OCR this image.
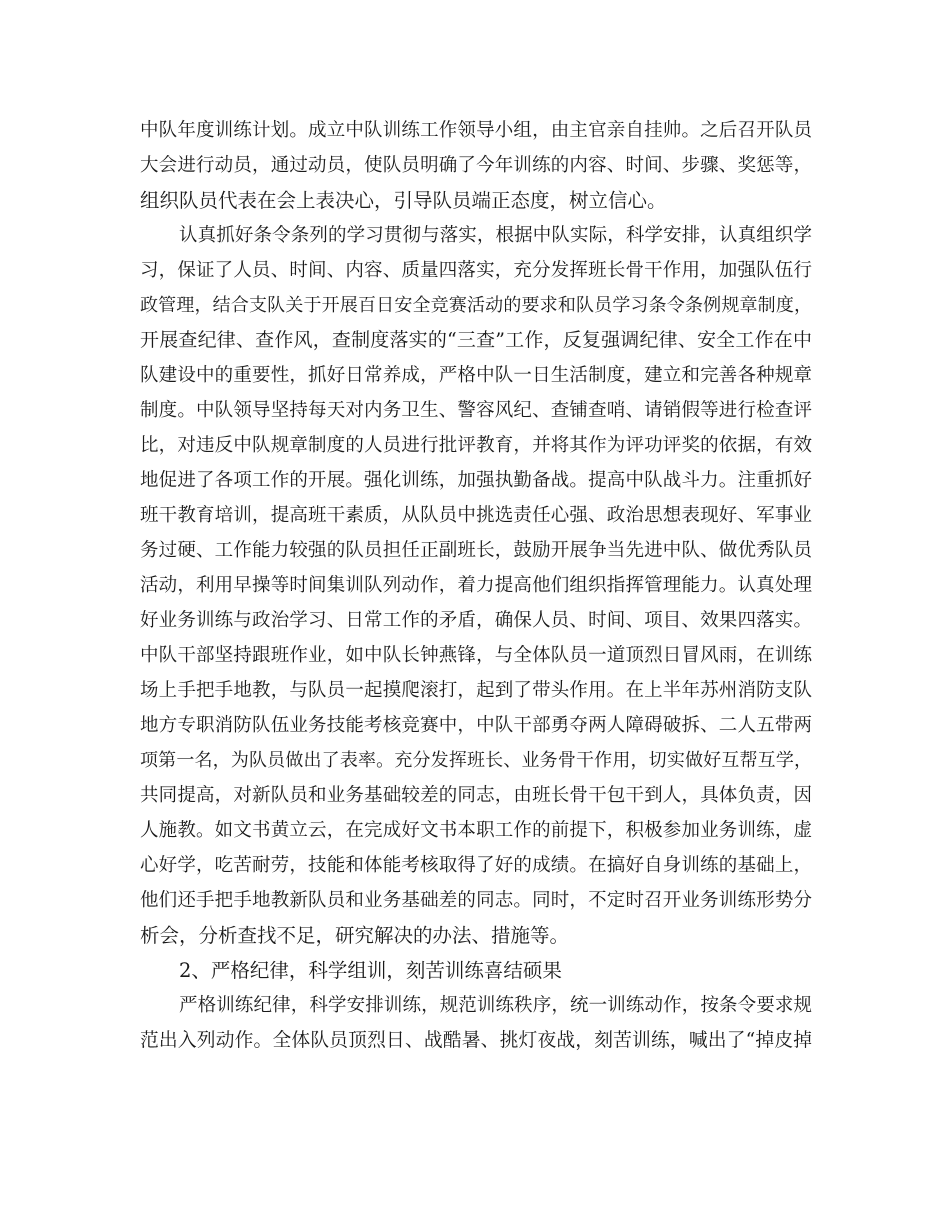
中队年度训练计划。成立中队训练工作领导小组，由主官亲自挂帅。之后召开队员
大会进行动员，通过动员，使队员明确了今年训练的内容、时间、步骤、奖惩等，
组织队员代表在会上表决心，引导队员端正态度，树立信心。
认真抓好条令条列的学习贯彻与落实，根据中队实际，科学安排，认真组织学
习，保证了人员、时间、内容、质量四落实，充分发挥班长骨干作用，加强队伍行
政管理，结合支队关于开展百日安全竞赛活动的要求和队员学习条令条例规章制度，
开展查纪律、查作风，查制度落实的“三查”工作，反复强调纪律、安全工作在中
队建设中的重要性，抓好日常养成，严格中队一日生活制度，建立和完善各种规章
制度。中队领导坚持每天对内务卫生、警容风纪、查铺查哨、请销假等进行检查评
比，对违反中队规章制度的人员进行批评教育，并将其作为评功评奖的依据，有效
地促进了各项工作的开展。强化训练，加强执勤备战。提高中队战斗力。注重抓好
班干教育培训，提高班干素质，从队员中挑选责任心强、政治思想表现好、军事业
务过硬、工作能力较强的队员担任正副班长，鼓励开展争当先进中队、做优秀队员
活动，利用早操等时间集训队列动作，着力提高他们组织指挥管理能力。认真处理
好业务训练与政治学习、日常工作的矛盾，确保人员、时间、项目、效果四落实。
中队干部坚持跟班作业，如中队长钟燕锋，与全体队员一道顶烈日冒风雨，在训练
场上手把手地教，与队员一起摸爬滚打，起到了带头作用。在上半年苏州消防支队
地方专职消防队伍业务技能考核竞赛中，中队干部勇夺两人障碍破拆、二人五带两
项第一名，为队员做出了表率。充分发挥班长、业务骨干作用，切实做好互帮互学，
共同提高，对新队员和业务基础较差的同志，由班长骨干包干到人，具体负责，因
人施教。如文书黄立云，在完成好文书本职工作的前提下，积极参加业务训练，虚
心好学，吃苦耐劳，技能和体能考核取得了好的成绩。在搞好自身训练的基础上，
他们还手把手地教新队员和业务基础差的同志。同时，不定时召开业务训练形势分
析会，分析查找不足，研究解决的办法、措施等。
2、严格纪律，科学组训，刻苦训练喜结硕果
严格训练纪律，科学安排训练，规范训练秩序，统一训练动作，按条令要求规
范出入列动作。全体队员顶烈日、战酷暑、挑灯夜战，刻苦训练，喊出了“掉皮掉
